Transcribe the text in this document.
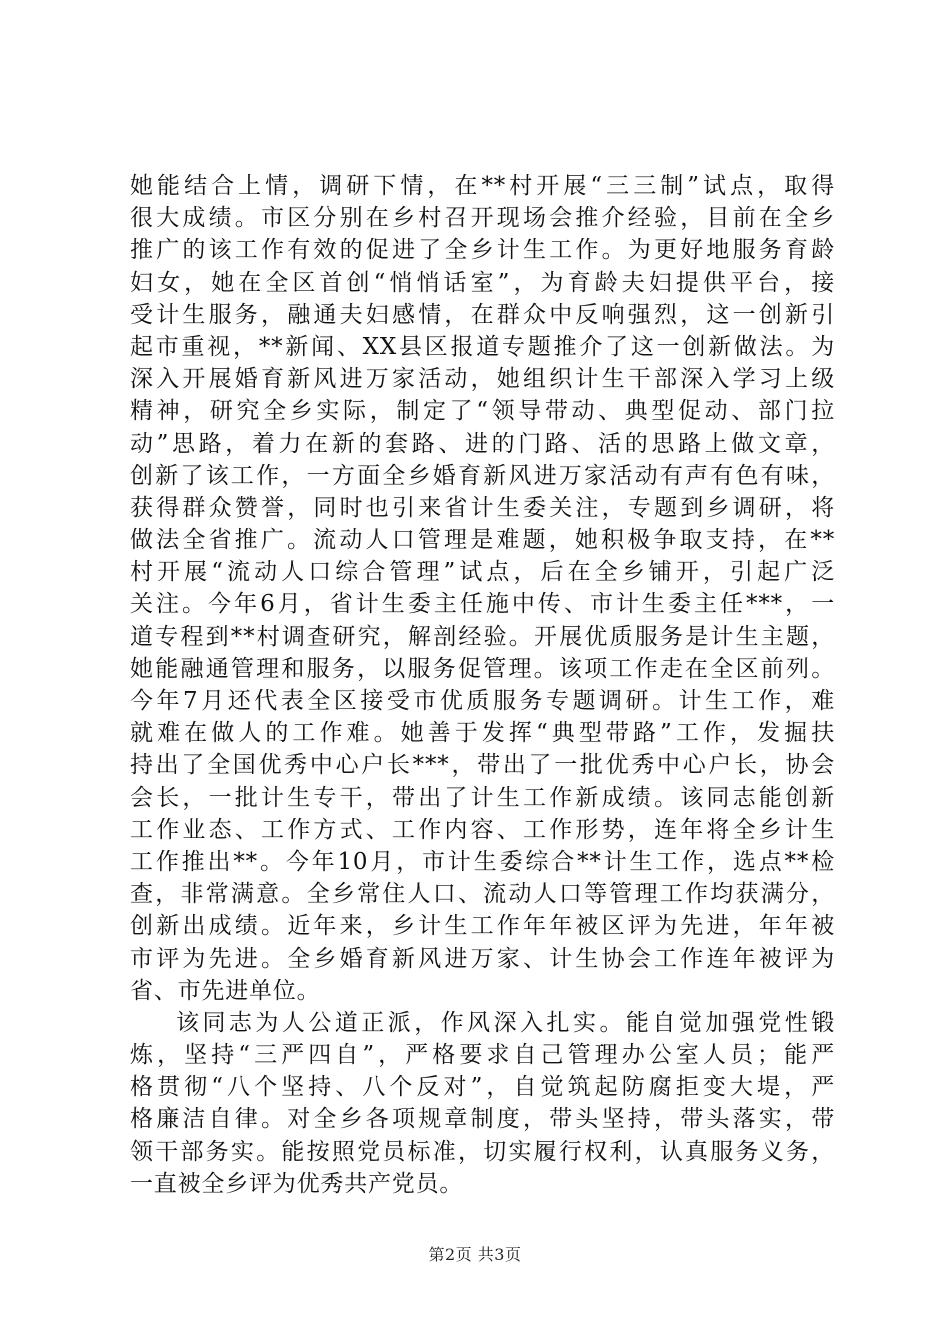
她能结合上情，调研下情，在**村开展“三三制”试点，取得
很大成绩。市区分别在乡村召开现场会推介经验，目前在全乡
推广的该工作有效的促进了全乡计生工作。为更好地服务育龄
妇女，她在全区首创“悄悄话室”，为育龄夫妇提供平台，接
受计生服务，融通夫妇感情，在群众中反响强烈，这一创新引
起市重视，**新闻、XX县区报道专题推介了这一创新做法。为
深入开展婚育新风进万家活动，她组织计生干部深入学习上级
精神，研究全乡实际，制定了“领导带动、典型促动、部门拉
动”思路，着力在新的套路、进的门路、活的思路上做文章，
创新了该工作，一方面全乡婚育新风进万家活动有声有色有味，
获得群众赞誉，同时也引来省计生委关注，专题到乡调研，将
做法全省推广。流动人口管理是难题，她积极争取支持，在**
村开展“流动人口综合管理”试点，后在全乡铺开，引起广泛
关注。今年6月，省计生委主任施中传、市计生委主任***，一
道专程到**村调查研究，解剖经验。开展优质服务是计生主题，
她能融通管理和服务，以服务促管理。该项工作走在全区前列。
今年7月还代表全区接受市优质服务专题调研。计生工作，难
就难在做人的工作难。她善于发挥“典型带路”工作，发掘扶
持出了全国优秀中心户长***，带出了一批优秀中心户长，协会
会长，一批计生专干，带出了计生工作新成绩。该同志能创新
工作业态、工作方式、工作内容、工作形势，连年将全乡计生
工作推出**。今年10月，市计生委综合**计生工作，选点**检
查，非常满意。全乡常住人口、流动人口等管理工作均获满分，
创新出成绩。近年来，乡计生工作年年被区评为先进，年年被
市评为先进。全乡婚育新风进万家、计生协会工作连年被评为
省、市先进单位。
该同志为人公道正派，作风深入扎实。能自觉加强党性锻
炼，坚持“三严四自”，严格要求自己管理办公室人员；能严
格贯彻“八个坚持、八个反对”，自觉筑起防腐拒变大堤，严
格廉洁自律。对全乡各项规章制度，带头坚持，带头落实，带
领干部务实。能按照党员标准，切实履行权利，认真服务义务，
一直被全乡评为优秀共产党员。
第2页 共3页
